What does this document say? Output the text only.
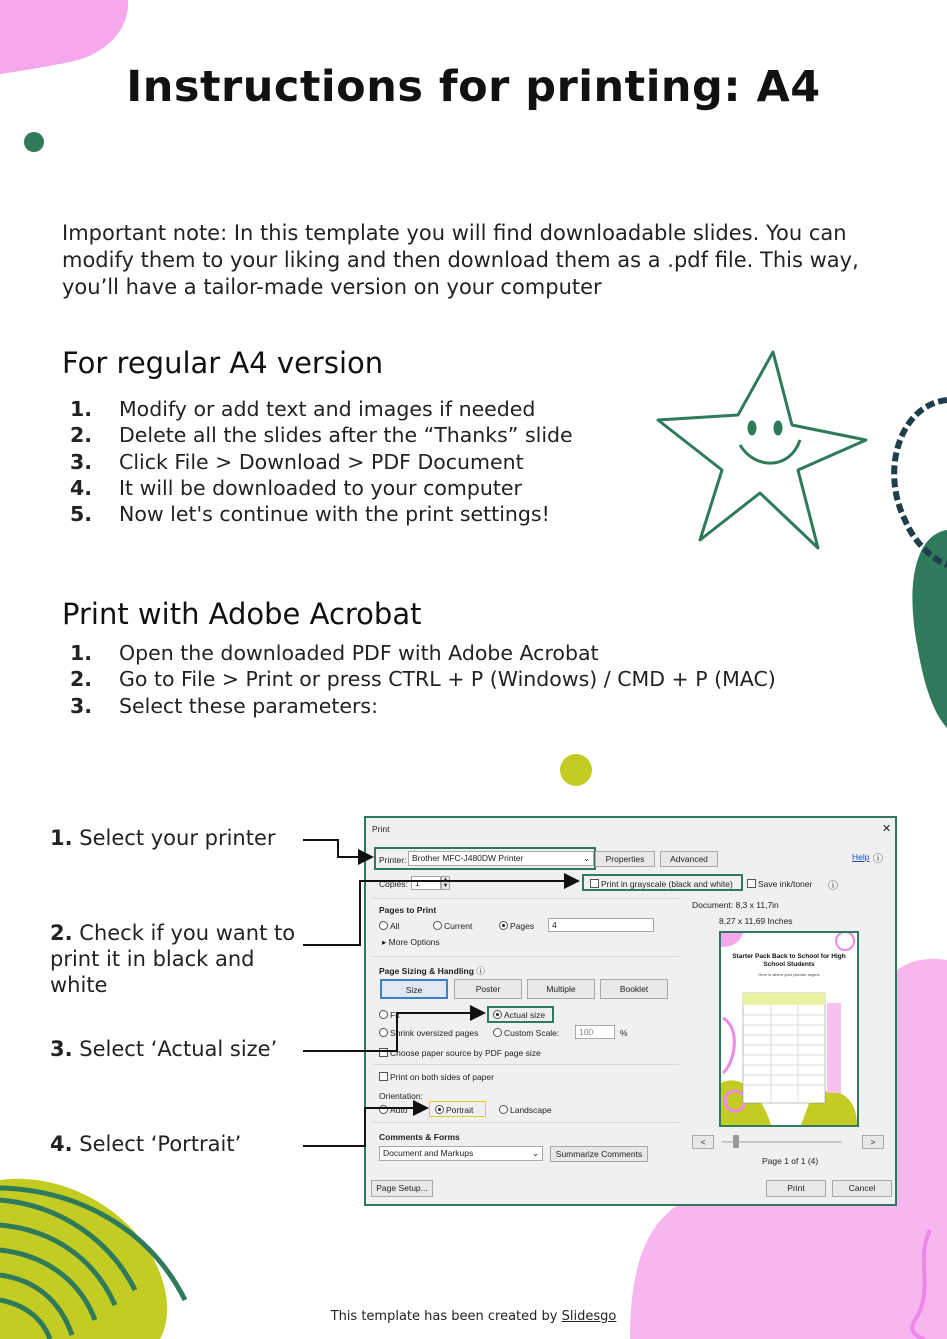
Instructions for printing: A4
Important note: In this template you will find downloadable slides. You can modify them to your liking and then download them as a .pdf file. This way, you’ll have a tailor-made version on your computer
For regular A4 version
1. Modify or add text and images if needed
2. Delete all the slides after the “Thanks” slide
3. Click File > Download > PDF Document
4. It will be downloaded to your computer
5. Now let's continue with the print settings!
Print with Adobe Acrobat
1. Open the downloaded PDF with Adobe Acrobat
2. Go to File > Print or press CTRL + P (Windows) / CMD + P (MAC)
3. Select these parameters:
1. Select your printer
2. Check if you want to print it in black and white
3. Select ‘Actual size’
4. Select ‘Portrait’
Print	✕
Printer: Brother MFC-J480DW Printer	⌄	Properties	Advanced	Help ⓘ
Copies: 1	▲
▼	Print in grayscale (black and white)	Save ink/toner ⓘ
Pages to Print
All	Current	Pages	4
▸ More Options
Page Sizing & Handling ⓘ
Size	Poster	Multiple	Booklet
Fit	Actual size
Shrink oversized pages	Custom Scale:	100	%
Choose paper source by PDF page size
Print on both sides of paper
Orientation:
Auto	Portrait	Landscape
Comments & Forms
Document and Markups	⌄	Summarize Comments
Document: 8,3 x 11,7in
8,27 x 11,69 Inches
Starter Pack Back to School for High School Students
Here is where your planner begins
<	>
Page 1 of 1 (4)
Page Setup...	Print	Cancel
This template has been created by Slidesgo
